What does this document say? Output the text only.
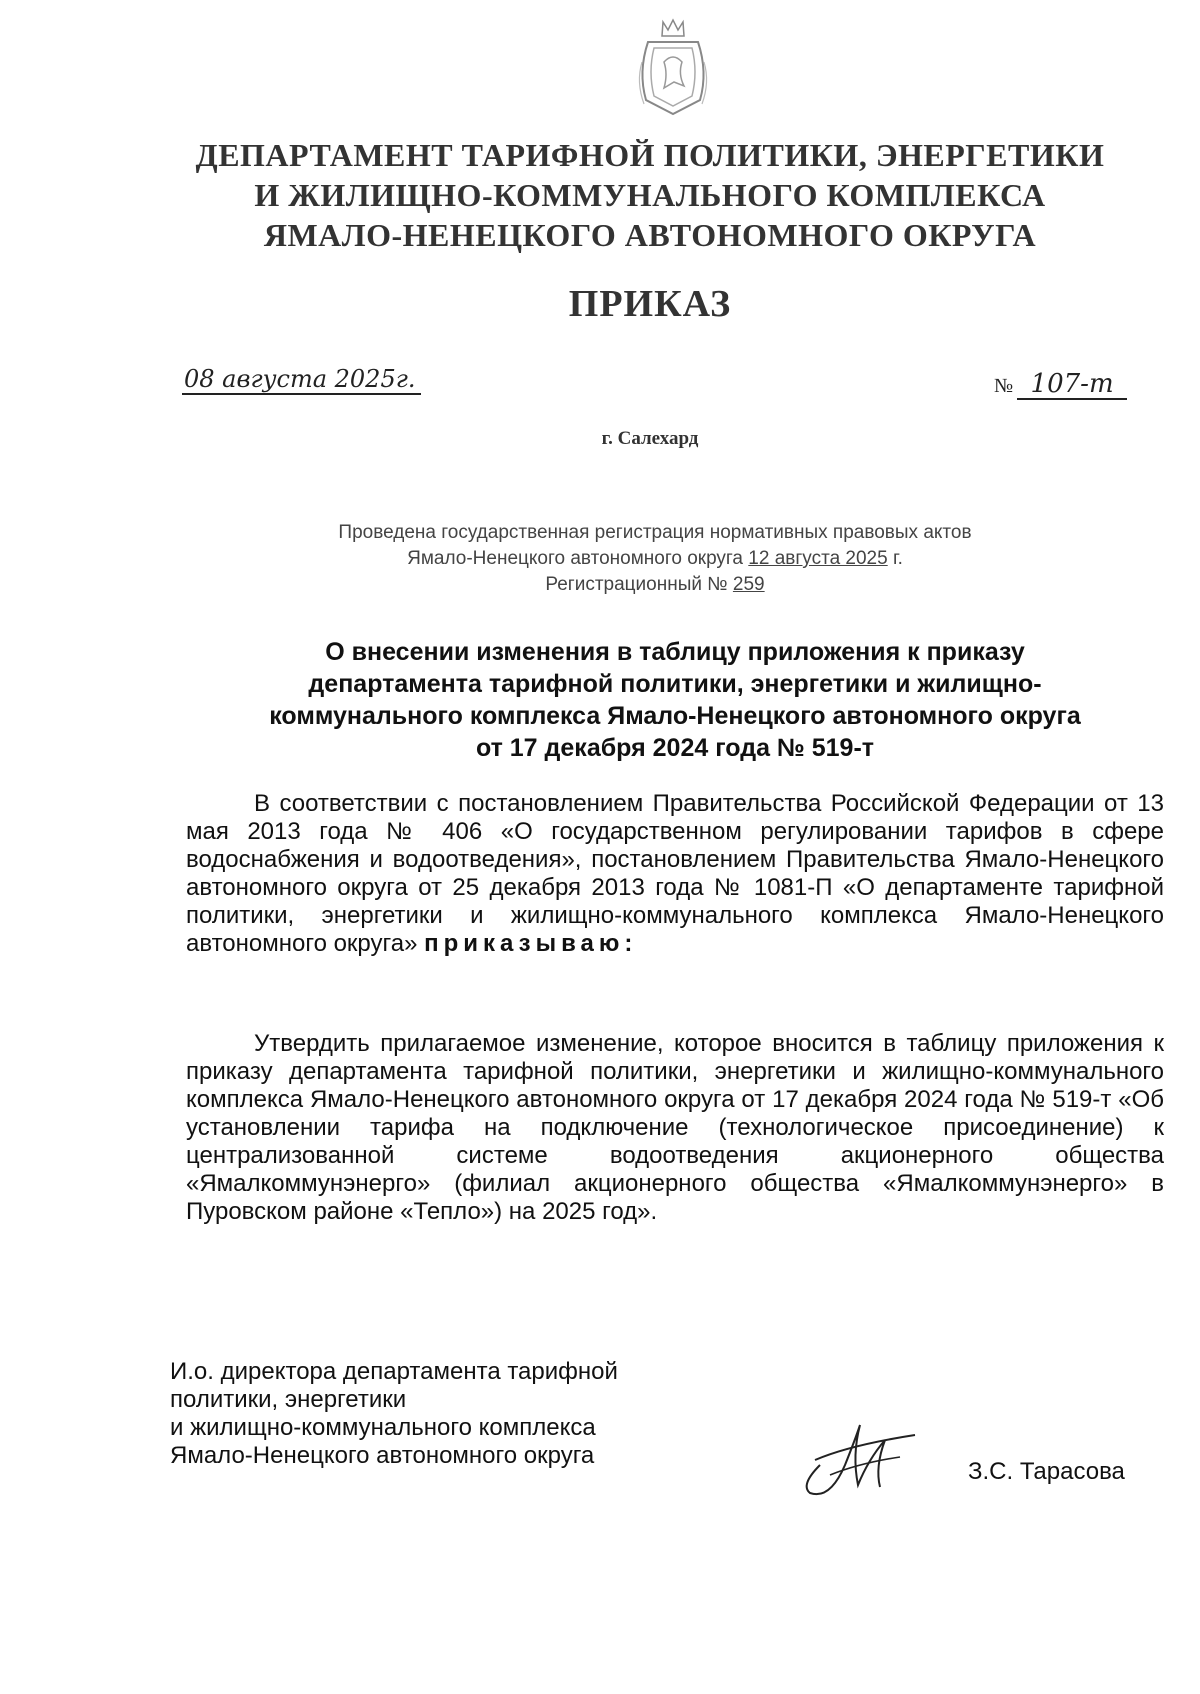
ДЕПАРТАМЕНТ ТАРИФНОЙ ПОЛИТИКИ, ЭНЕРГЕТИКИ
И ЖИЛИЩНО-КОММУНАЛЬНОГО КОМПЛЕКСА
ЯМАЛО-НЕНЕЦКОГО АВТОНОМНОГО ОКРУГА
ПРИКАЗ
08 августа 2025г.	№ 107-т
г. Салехард
Проведена государственная регистрация нормативных правовых актов
Ямало-Ненецкого автономного округа 12 августа 2025 г.
Регистрационный № 259
О внесении изменения в таблицу приложения к приказу
департамента тарифной политики, энергетики и жилищно-
коммунального комплекса Ямало-Ненецкого автономного округа
от 17 декабря 2024 года № 519-т
В соответствии с постановлением Правительства Российской Федерации от 13 мая 2013 года № 406 «О государственном регулировании тарифов в сфере водоснабжения и водоотведения», постановлением Правительства Ямало-Ненецкого автономного округа от 25 декабря 2013 года № 1081-П «О департаменте тарифной политики, энергетики и жилищно-коммунального комплекса Ямало-Ненецкого автономного округа» приказываю:
Утвердить прилагаемое изменение, которое вносится в таблицу приложения к приказу департамента тарифной политики, энергетики и жилищно-коммунального комплекса Ямало-Ненецкого автономного округа от 17 декабря 2024 года № 519-т «Об установлении тарифа на подключение (технологическое присоединение) к централизованной системе водоотведения акционерного общества «Ямалкоммунэнерго» (филиал акционерного общества «Ямалкоммунэнерго» в Пуровском районе «Тепло») на 2025 год».
И.о. директора департамента тарифной
политики, энергетики
и жилищно-коммунального комплекса
Ямало-Ненецкого автономного округа
З.С. Тарасова
